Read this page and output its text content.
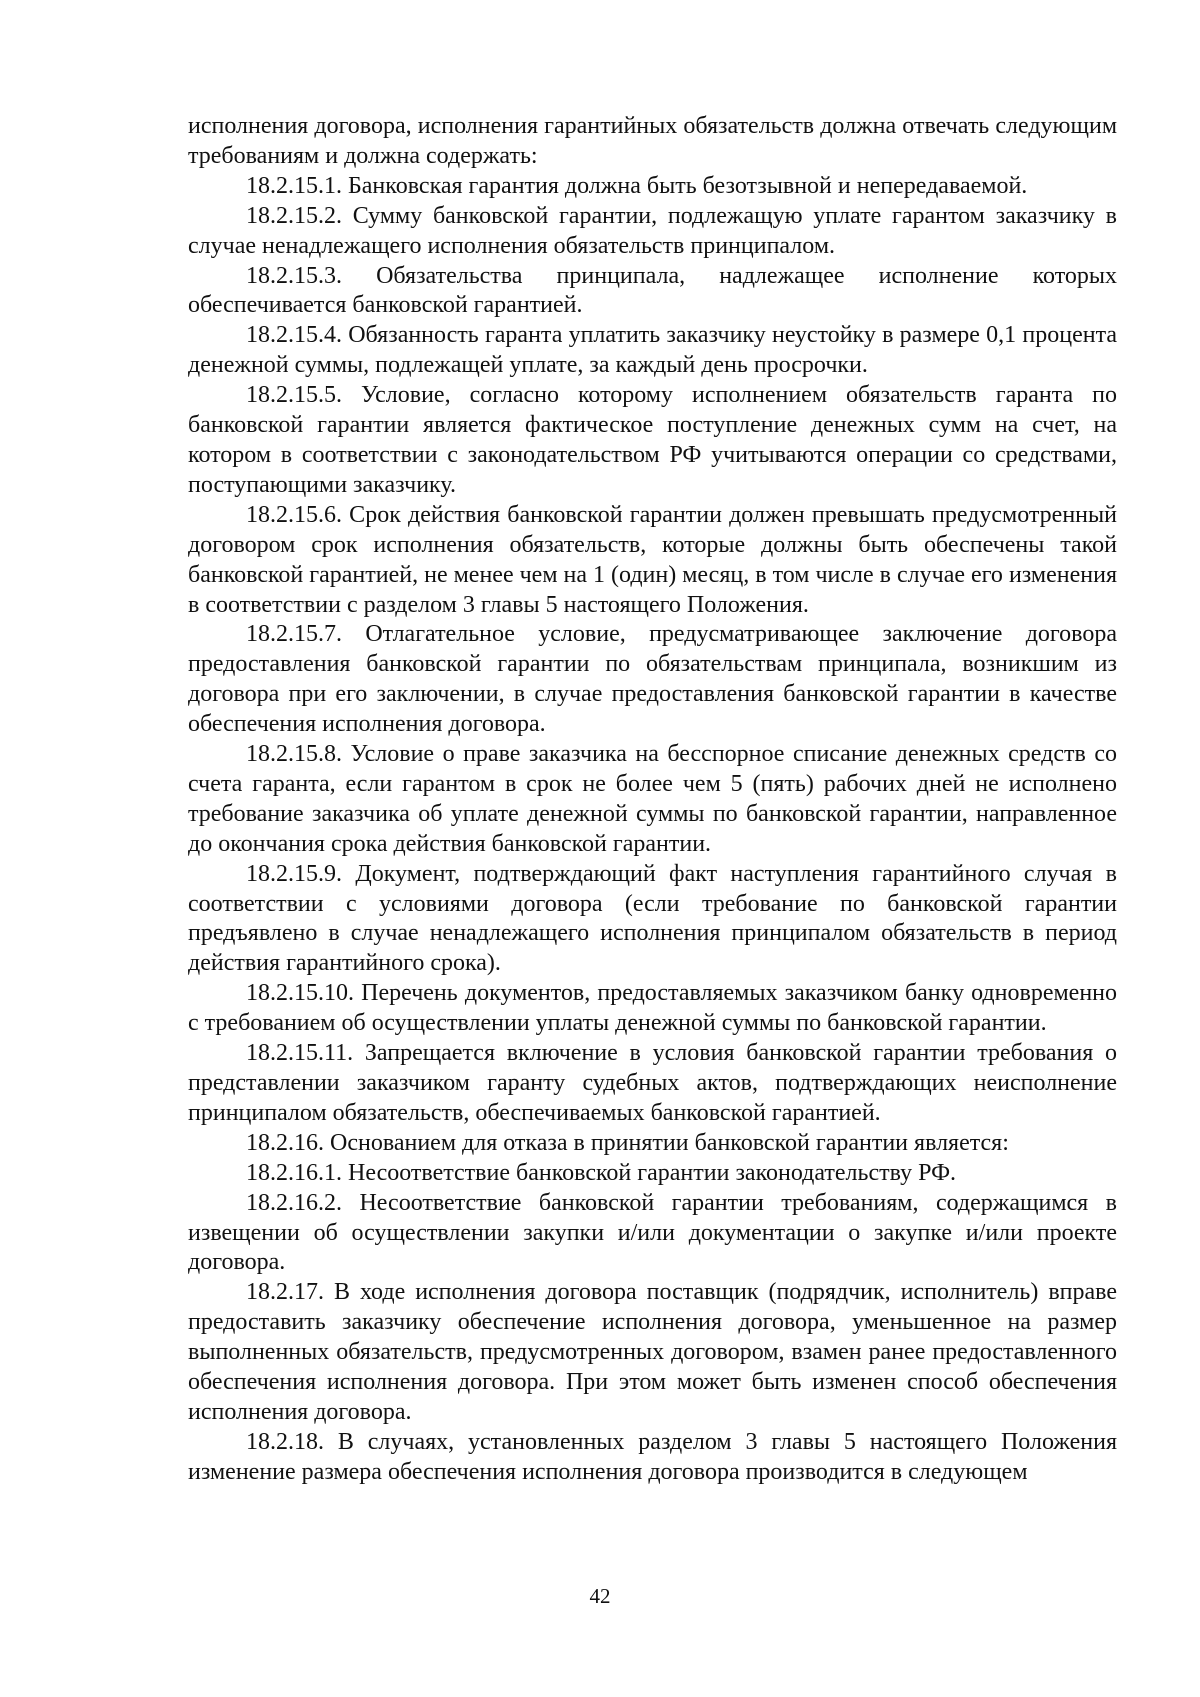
исполнения договора, исполнения гарантийных обязательств должна отвечать следующим требованиям и должна содержать:

18.2.15.1. Банковская гарантия должна быть безотзывной и непередаваемой.

18.2.15.2. Сумму банковской гарантии, подлежащую уплате гарантом заказчику в случае ненадлежащего исполнения обязательств принципалом.

18.2.15.3. Обязательства принципала, надлежащее исполнение которых обеспечивается банковской гарантией.

18.2.15.4. Обязанность гаранта уплатить заказчику неустойку в размере 0,1 процента денежной суммы, подлежащей уплате, за каждый день просрочки.

18.2.15.5. Условие, согласно которому исполнением обязательств гаранта по банковской гарантии является фактическое поступление денежных сумм на счет, на котором в соответствии с законодательством РФ учитываются операции со средствами, поступающими заказчику.

18.2.15.6. Срок действия банковской гарантии должен превышать предусмотренный договором срок исполнения обязательств, которые должны быть обеспечены такой банковской гарантией, не менее чем на 1 (один) месяц, в том числе в случае его изменения в соответствии с разделом 3 главы 5 настоящего Положения.

18.2.15.7. Отлагательное условие, предусматривающее заключение договора предоставления банковской гарантии по обязательствам принципала, возникшим из договора при его заключении, в случае предоставления банковской гарантии в качестве обеспечения исполнения договора.

18.2.15.8. Условие о праве заказчика на бесспорное списание денежных средств со счета гаранта, если гарантом в срок не более чем 5 (пять) рабочих дней не исполнено требование заказчика об уплате денежной суммы по банковской гарантии, направленное до окончания срока действия банковской гарантии.

18.2.15.9. Документ, подтверждающий факт наступления гарантийного случая в соответствии с условиями договора (если требование по банковской гарантии предъявлено в случае ненадлежащего исполнения принципалом обязательств в период действия гарантийного срока).

18.2.15.10. Перечень документов, предоставляемых заказчиком банку одновременно с требованием об осуществлении уплаты денежной суммы по банковской гарантии.

18.2.15.11. Запрещается включение в условия банковской гарантии требования о представлении заказчиком гаранту судебных актов, подтверждающих неисполнение принципалом обязательств, обеспечиваемых банковской гарантией.

18.2.16. Основанием для отказа в принятии банковской гарантии является:

18.2.16.1. Несоответствие банковской гарантии законодательству РФ.

18.2.16.2. Несоответствие банковской гарантии требованиям, содержащимся в извещении об осуществлении закупки и/или документации о закупке и/или проекте договора.

18.2.17. В ходе исполнения договора поставщик (подрядчик, исполнитель) вправе предоставить заказчику обеспечение исполнения договора, уменьшенное на размер выполненных обязательств, предусмотренных договором, взамен ранее предоставленного обеспечения исполнения договора. При этом может быть изменен способ обеспечения исполнения договора.

18.2.18. В случаях, установленных разделом 3 главы 5 настоящего Положения изменение размера обеспечения исполнения договора производится в следующем

42
